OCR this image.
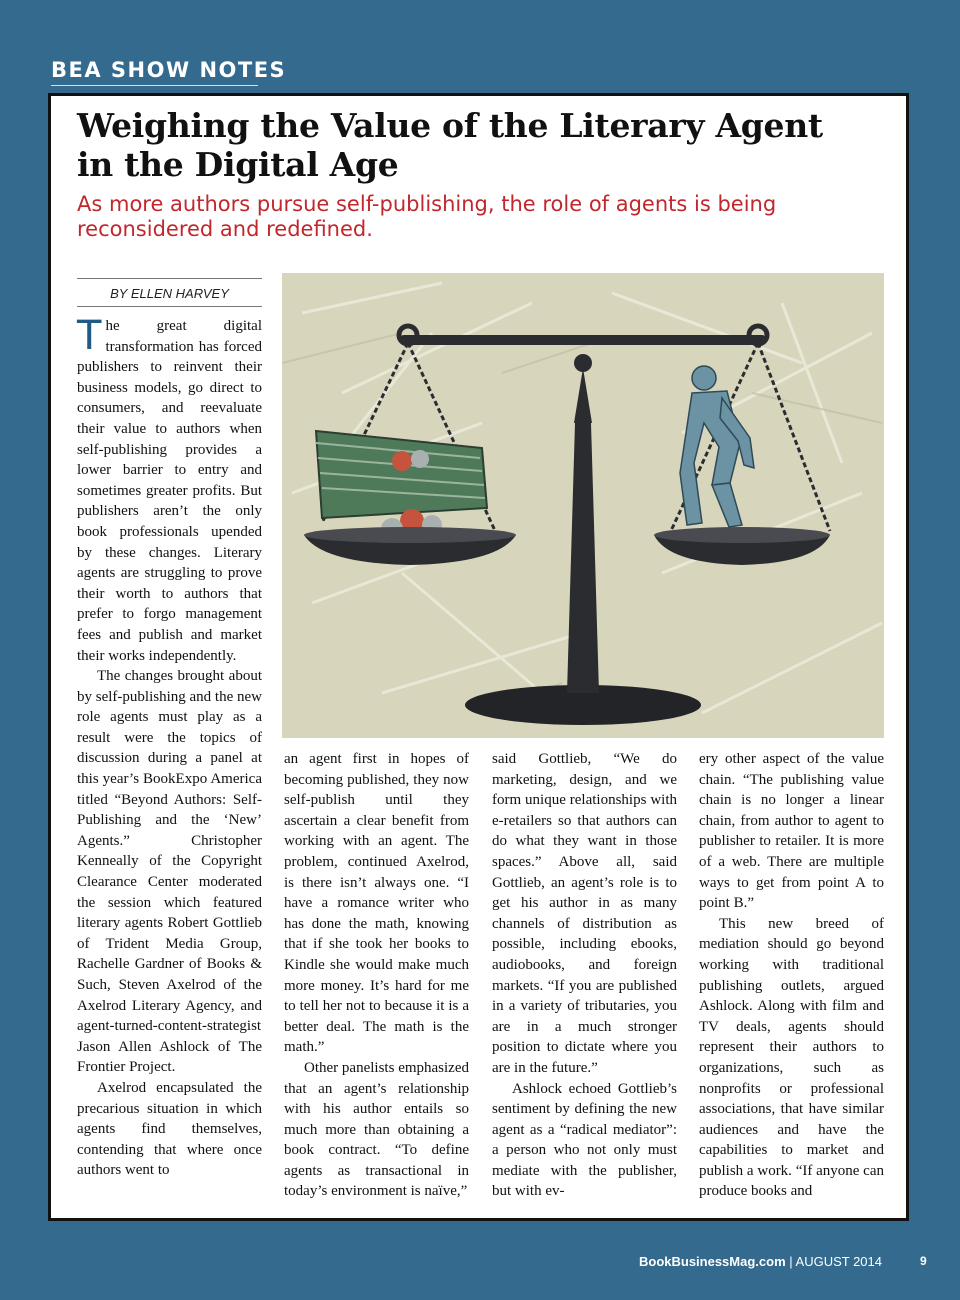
BEA SHOW NOTES
Weighing the Value of the Literary Agent in the Digital Age

As more authors pursue self-publishing, the role of agents is being reconsidered and redefined.

BY ELLEN HARVEY

The great digital transformation has forced publishers to reinvent their business models, go direct to consumers, and reevaluate their value to authors when self-publishing provides a lower barrier to entry and sometimes greater profits. But publishers aren’t the only book professionals upended by these changes. Literary agents are struggling to prove their worth to authors that prefer to forgo management fees and publish and market their works independently.

The changes brought about by self-publishing and the new role agents must play as a result were the topics of discussion during a panel at this year’s BookExpo America titled “Beyond Authors: Self-Publishing and the ‘New’ Agents.” Christopher Kenneally of the Copyright Clearance Center moderated the session which featured literary agents Robert Gottlieb of Trident Media Group, Rachelle Gardner of Books & Such, Steven Axelrod of the Axelrod Literary Agency, and agent-turned-content-strategist Jason Allen Ashlock of The Frontier Project.

Axelrod encapsulated the precarious situation in which agents find themselves, contending that where once authors went to

an agent first in hopes of becoming published, they now self-publish until they ascertain a clear benefit from working with an agent. The problem, continued Axelrod, is there isn’t always one. “I have a romance writer who has done the math, knowing that if she took her books to Kindle she would make much more money. It’s hard for me to tell her not to because it is a better deal. The math is the math.”

Other panelists emphasized that an agent’s relationship with his author entails so much more than obtaining a book contract. “To define agents as transactional in today’s environment is naïve,”

said Gottlieb, “We do marketing, design, and we form unique relationships with e-retailers so that authors can do what they want in those spaces.” Above all, said Gottlieb, an agent’s role is to get his author in as many channels of distribution as possible, including ebooks, audiobooks, and foreign markets. “If you are published in a variety of tributaries, you are in a much stronger position to dictate where you are in the future.”

Ashlock echoed Gottlieb’s sentiment by defining the new agent as a “radical mediator”: a person who not only must mediate with the publisher, but with ev-

ery other aspect of the value chain. “The publishing value chain is no longer a linear chain, from author to agent to publisher to retailer. It is more of a web. There are multiple ways to get from point A to point B.”

This new breed of mediation should go beyond working with traditional publishing outlets, argued Ashlock. Along with film and TV deals, agents should represent their authors to organizations, such as nonprofits or professional associations, that have similar audiences and have the capabilities to market and publish a work. “If anyone can produce books and

BookBusinessMag.com | AUGUST 2014	9
